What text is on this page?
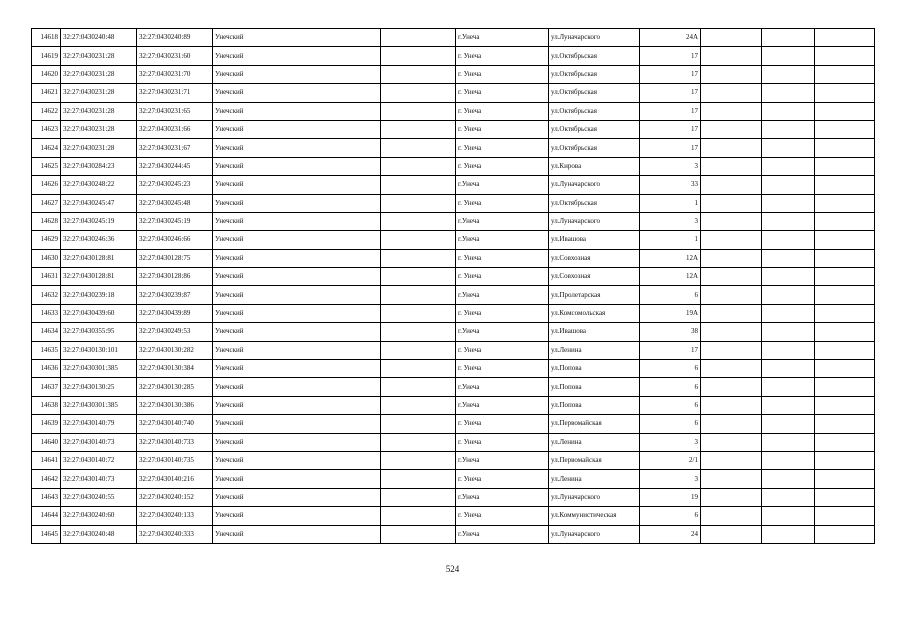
14618	32:27:0430240:48	32:27:0430240:89	Унечский		г.Унеча	ул.Луначарского	24А			
14619	32:27:0430231:28	32:27:0430231:60	Унечский		г. Унеча	ул.Октябрьская	17			
14620	32:27:0430231:28	32:27:0430231:70	Унечский		г. Унеча	ул.Октябрьская	17			
14621	32:27:0430231:28	32:27:0430231:71	Унечский		г. Унеча	ул.Октябрьская	17			
14622	32:27:0430231:28	32:27:0430231:65	Унечский		г. Унеча	ул.Октябрьская	17			
14623	32:27:0430231:28	32:27:0430231:66	Унечский		г. Унеча	ул.Октябрьская	17			
14624	32:27:0430231:28	32:27:0430231:67	Унечский		г. Унеча	ул.Октябрьская	17			
14625	32:27:0430284:23	32:27:0430244:45	Унечский		г. Унеча	ул.Кирова	3			
14626	32:27:0430248:22	32:27:0430245:23	Унечский		г.Унеча	ул.Луначарского	33			
14627	32:27:0430245:47	32:27:0430245:48	Унечский		г. Унеча	ул.Октябрьская	1			
14628	32:27:0430245:19	32:27:0430245:19	Унечский		г.Унеча	ул.Луначарского	3			
14629	32:27:0430246:36	32:27:0430246:66	Унечский		г.Унеча	ул.Ивашова	1			
14630	32:27:0430128:81	32:27:0430128:75	Унечский		г. Унеча	ул.Совхозная	12А			
14631	32:27:0430128:81	32:27:0430128:86	Унечский		г. Унеча	ул.Совхозная	12А			
14632	32:27:0430239:18	32:27:0430239:87	Унечский		г.Унеча	ул.Пролетарская	6			
14633	32:27:0430439:60	32:27:0430439:89	Унечский		г. Унеча	ул.Комсомольская	19А			
14634	32:27:0430355:95	32:27:0430249:53	Унечский		г.Унеча	ул.Ивашова	38			
14635	32:27:0430130:101	32:27:0430130:282	Унечский		г. Унеча	ул.Ленина	17			
14636	32:27:0430301:385	32:27:0430130:384	Унечский		г. Унеча	ул.Попова	6			
14637	32:27:0430130:25	32:27:0430130:285	Унечский		г.Унеча	ул.Попова	6			
14638	32:27:0430301:385	32:27:0430130:386	Унечский		г.Унеча	ул.Попова	6			
14639	32:27:0430140:79	32:27:0430140:740	Унечский		г. Унеча	ул.Первомайская	6			
14640	32:27:0430140:73	32:27:0430140:733	Унечский		г. Унеча	ул.Ленина	3			
14641	32:27:0430140:72	32:27:0430140:735	Унечский		г.Унеча	ул.Первомайская	2/1			
14642	32:27:0430140:73	32:27:0430140:216	Унечский		г. Унеча	ул.Ленина	3			
14643	32:27:0430240:55	32:27:0430240:152	Унечский		г.Унеча	ул.Луначарского	19			
14644	32:27:0430240:60	32:27:0430240:133	Унечский		г. Унеча	ул.Коммунистическая	6			
14645	32:27:0430240:48	32:27:0430240:333	Унечский		г.Унеча	ул.Луначарского	24			
524
